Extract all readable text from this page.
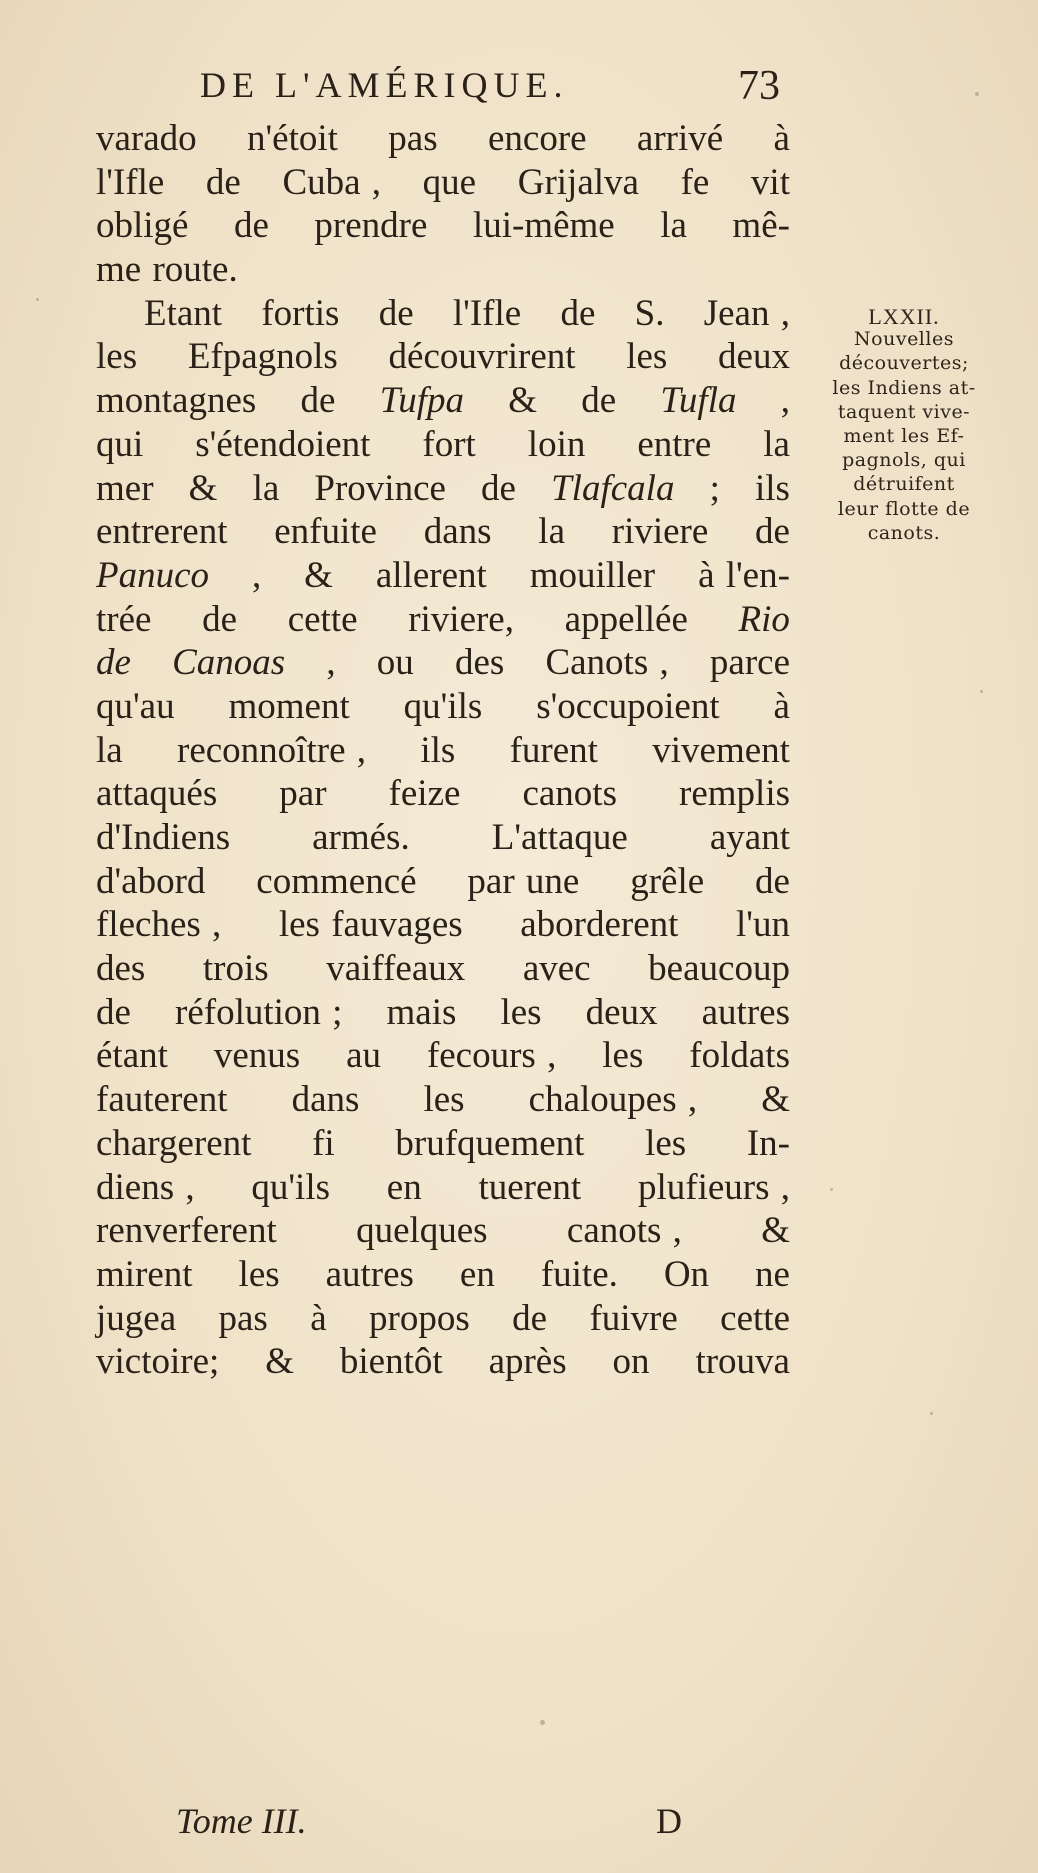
DE L'AMÉRIQUE.	73
varado n'étoit pas encore arrivé à
l'Ifle de Cuba , que Grijalva fe vit
obligé de prendre lui-même la mê-
me route.
Etant fortis de l'Ifle de S. Jean ,
les Efpagnols découvrirent les deux
montagnes de Tufpa & de Tufla ,
qui s'étendoient fort loin entre la
mer & la Province de Tlafcala ; ils
entrerent enfuite dans la riviere de
Panuco , & allerent mouiller à l'en-
trée de cette riviere, appellée Rio
de Canoas , ou des Canots , parce
qu'au moment qu'ils s'occupoient à
la reconnoître , ils furent vivement
attaqués par feize canots remplis
d'Indiens armés. L'attaque ayant
d'abord commencé par une grêle de
fleches , les fauvages aborderent l'un
des trois vaiffeaux avec beaucoup
de réfolution ; mais les deux autres
étant venus au fecours , les foldats
fauterent dans les chaloupes , &
chargerent fi brufquement les In-
diens , qu'ils en tuerent plufieurs ,
renverferent quelques canots , &
mirent les autres en fuite. On ne
jugea pas à propos de fuivre cette
victoire; & bientôt après on trouva
LXXII.
Nouvelles
découvertes;
les Indiens at-
taquent vive-
ment les Ef-
pagnols, qui
détruifent
leur flotte de
canots.
Tome III.	D
